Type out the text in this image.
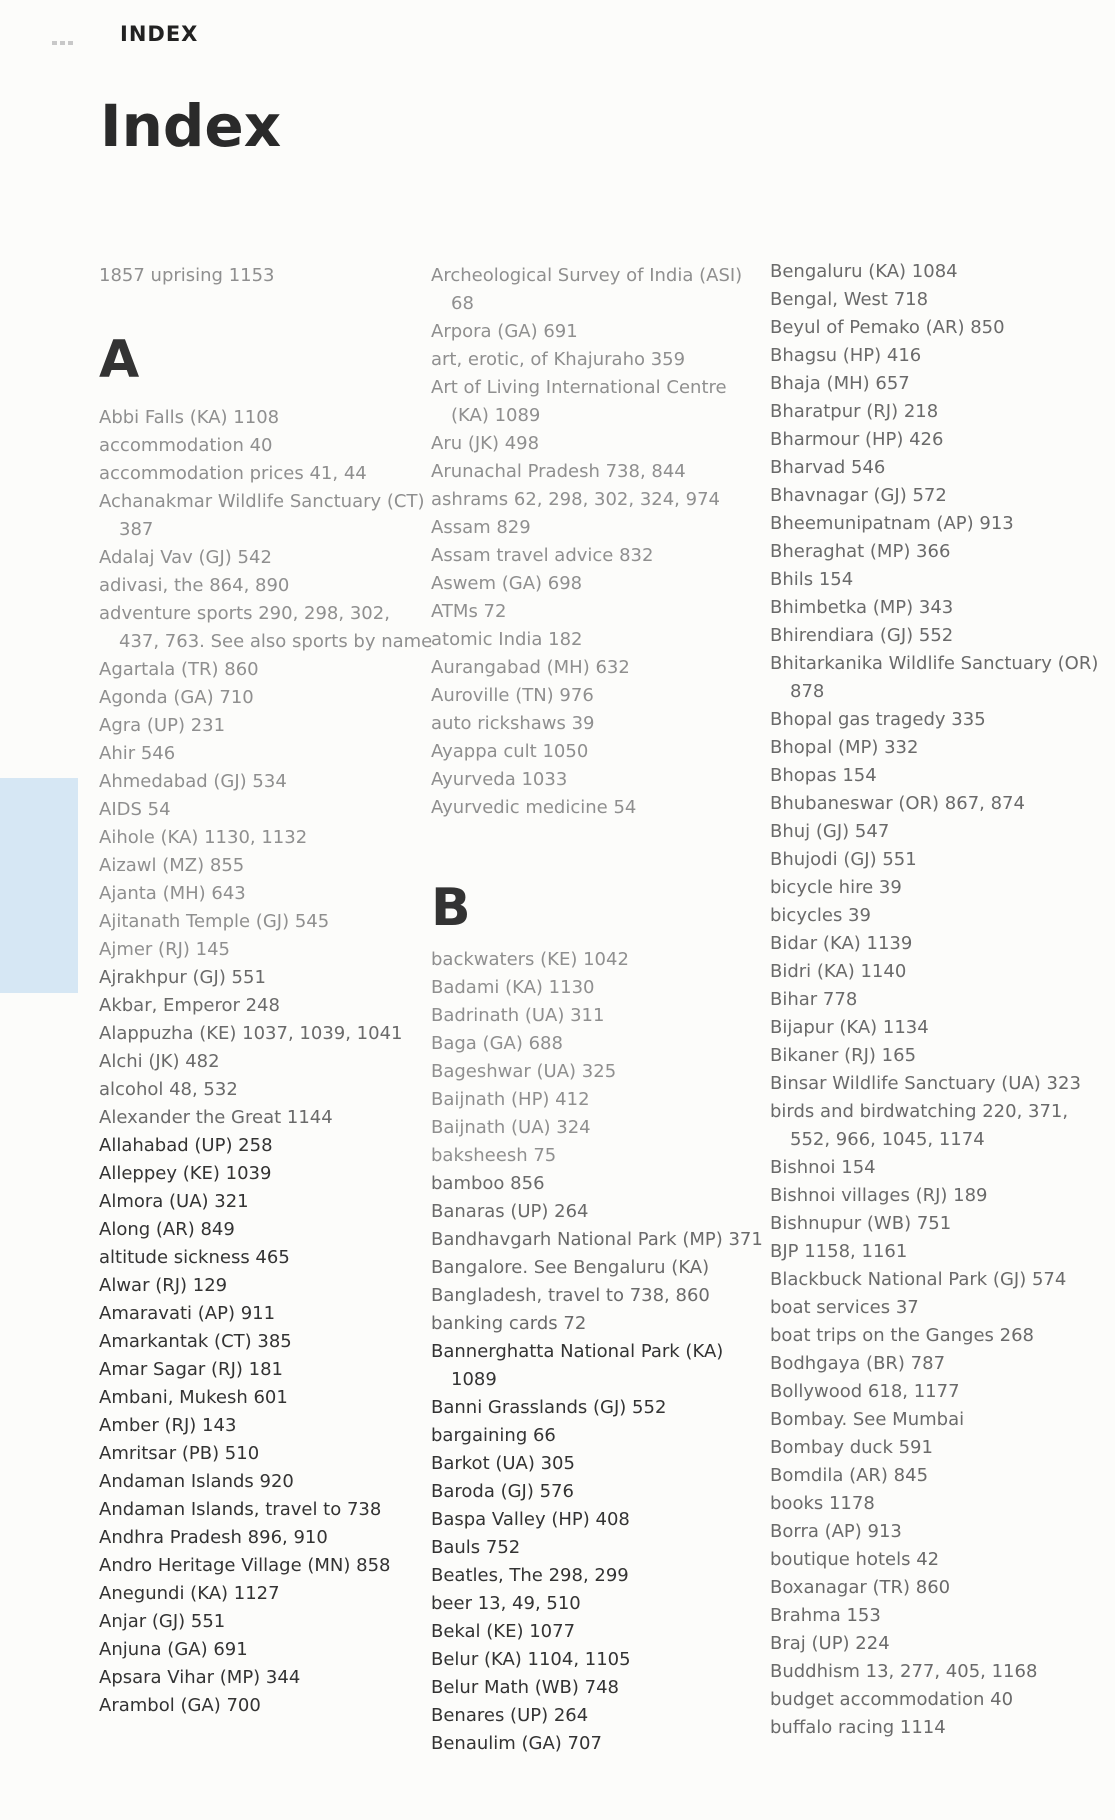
INDEX
Index
1857 uprising 1153
A
Abbi Falls (KA) 1108
accommodation 40
accommodation prices 41, 44
Achanakmar Wildlife Sanctuary (CT) 387
Adalaj Vav (GJ) 542
adivasi, the 864, 890
adventure sports 290, 298, 302, 437, 763. See also sports by name
Agartala (TR) 860
Agonda (GA) 710
Agra (UP) 231
Ahir 546
Ahmedabad (GJ) 534
AIDS 54
Aihole (KA) 1130, 1132
Aizawl (MZ) 855
Ajanta (MH) 643
Ajitanath Temple (GJ) 545
Ajmer (RJ) 145
Ajrakhpur (GJ) 551
Akbar, Emperor 248
Alappuzha (KE) 1037, 1039, 1041
Alchi (JK) 482
alcohol 48, 532
Alexander the Great 1144
Allahabad (UP) 258
Alleppey (KE) 1039
Almora (UA) 321
Along (AR) 849
altitude sickness 465
Alwar (RJ) 129
Amaravati (AP) 911
Amarkantak (CT) 385
Amar Sagar (RJ) 181
Ambani, Mukesh 601
Amber (RJ) 143
Amritsar (PB) 510
Andaman Islands 920
Andaman Islands, travel to 738
Andhra Pradesh 896, 910
Andro Heritage Village (MN) 858
Anegundi (KA) 1127
Anjar (GJ) 551
Anjuna (GA) 691
Apsara Vihar (MP) 344
Arambol (GA) 700
Archeological Survey of India (ASI) 68
Arpora (GA) 691
art, erotic, of Khajuraho 359
Art of Living International Centre (KA) 1089
Aru (JK) 498
Arunachal Pradesh 738, 844
ashrams 62, 298, 302, 324, 974
Assam 829
Assam travel advice 832
Aswem (GA) 698
ATMs 72
atomic India 182
Aurangabad (MH) 632
Auroville (TN) 976
auto rickshaws 39
Ayappa cult 1050
Ayurveda 1033
Ayurvedic medicine 54
B
backwaters (KE) 1042
Badami (KA) 1130
Badrinath (UA) 311
Baga (GA) 688
Bageshwar (UA) 325
Baijnath (HP) 412
Baijnath (UA) 324
baksheesh 75
bamboo 856
Banaras (UP) 264
Bandhavgarh National Park (MP) 371
Bangalore. See Bengaluru (KA)
Bangladesh, travel to 738, 860
banking cards 72
Bannerghatta National Park (KA) 1089
Banni Grasslands (GJ) 552
bargaining 66
Barkot (UA) 305
Baroda (GJ) 576
Baspa Valley (HP) 408
Bauls 752
Beatles, The 298, 299
beer 13, 49, 510
Bekal (KE) 1077
Belur (KA) 1104, 1105
Belur Math (WB) 748
Benares (UP) 264
Benaulim (GA) 707
Bengaluru (KA) 1084
Bengal, West 718
Beyul of Pemako (AR) 850
Bhagsu (HP) 416
Bhaja (MH) 657
Bharatpur (RJ) 218
Bharmour (HP) 426
Bharvad 546
Bhavnagar (GJ) 572
Bheemunipatnam (AP) 913
Bheraghat (MP) 366
Bhils 154
Bhimbetka (MP) 343
Bhirendiara (GJ) 552
Bhitarkanika Wildlife Sanctuary (OR) 878
Bhopal gas tragedy 335
Bhopal (MP) 332
Bhopas 154
Bhubaneswar (OR) 867, 874
Bhuj (GJ) 547
Bhujodi (GJ) 551
bicycle hire 39
bicycles 39
Bidar (KA) 1139
Bidri (KA) 1140
Bihar 778
Bijapur (KA) 1134
Bikaner (RJ) 165
Binsar Wildlife Sanctuary (UA) 323
birds and birdwatching 220, 371, 552, 966, 1045, 1174
Bishnoi 154
Bishnoi villages (RJ) 189
Bishnupur (WB) 751
BJP 1158, 1161
Blackbuck National Park (GJ) 574
boat services 37
boat trips on the Ganges 268
Bodhgaya (BR) 787
Bollywood 618, 1177
Bombay. See Mumbai
Bombay duck 591
Bomdila (AR) 845
books 1178
Borra (AP) 913
boutique hotels 42
Boxanagar (TR) 860
Brahma 153
Braj (UP) 224
Buddhism 13, 277, 405, 1168
budget accommodation 40
buffalo racing 1114
